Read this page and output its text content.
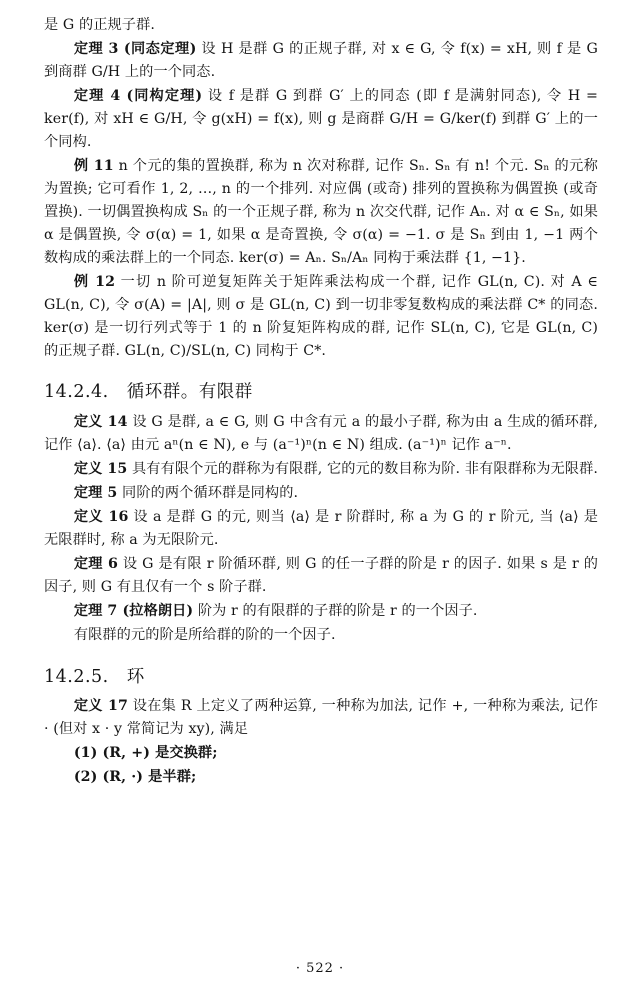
是 G 的正规子群.

定理 3 (同态定理) 设 H 是群 G 的正规子群, 对 x ∈ G, 令 f(x) = xH, 则 f 是 G 到商群 G/H 上的一个同态.

定理 4 (同构定理) 设 f 是群 G 到群 G′ 上的同态 (即 f 是满射同态), 令 H = ker(f), 对 xH ∈ G/H, 令 g(xH) = f(x), 则 g 是商群 G/H = G/ker(f) 到群 G′ 上的一个同构.

例 11 n 个元的集的置换群, 称为 n 次对称群, 记作 Sₙ. Sₙ 有 n! 个元. Sₙ 的元称为置换; 它可看作 1, 2, …, n 的一个排列. 对应偶 (或奇) 排列的置换称为偶置换 (或奇置换). 一切偶置换构成 Sₙ 的一个正规子群, 称为 n 次交代群, 记作 Aₙ. 对 α ∈ Sₙ, 如果 α 是偶置换, 令 σ(α) = 1, 如果 α 是奇置换, 令 σ(α) = −1. σ 是 Sₙ 到由 1, −1 两个数构成的乘法群上的一个同态. ker(σ) = Aₙ. Sₙ/Aₙ 同构于乘法群 {1, −1}.

例 12 一切 n 阶可逆复矩阵关于矩阵乘法构成一个群, 记作 GL(n, C). 对 A ∈ GL(n, C), 令 σ(A) = |A|, 则 σ 是 GL(n, C) 到一切非零复数构成的乘法群 C* 的同态. ker(σ) 是一切行列式等于 1 的 n 阶复矩阵构成的群, 记作 SL(n, C), 它是 GL(n, C) 的正规子群. GL(n, C)/SL(n, C) 同构于 C*.

14.2.4. 循环群。有限群

定义 14 设 G 是群, a ∈ G, 则 G 中含有元 a 的最小子群, 称为由 a 生成的循环群, 记作 ⟨a⟩. ⟨a⟩ 由元 aⁿ(n ∈ N), e 与 (a⁻¹)ⁿ(n ∈ N) 组成. (a⁻¹)ⁿ 记作 a⁻ⁿ.

定义 15 具有有限个元的群称为有限群, 它的元的数目称为阶. 非有限群称为无限群.

定理 5 同阶的两个循环群是同构的.

定义 16 设 a 是群 G 的元, 则当 ⟨a⟩ 是 r 阶群时, 称 a 为 G 的 r 阶元, 当 ⟨a⟩ 是无限群时, 称 a 为无限阶元.

定理 6 设 G 是有限 r 阶循环群, 则 G 的任一子群的阶是 r 的因子. 如果 s 是 r 的因子, 则 G 有且仅有一个 s 阶子群.

定理 7 (拉格朗日) 阶为 r 的有限群的子群的阶是 r 的一个因子.

有限群的元的阶是所给群的阶的一个因子.

14.2.5. 环

定义 17 设在集 R 上定义了两种运算, 一种称为加法, 记作 +, 一种称为乘法, 记作 · (但对 x · y 常简记为 xy), 满足

(1) (R, +) 是交换群;

(2) (R, ·) 是半群;

· 522 ·
